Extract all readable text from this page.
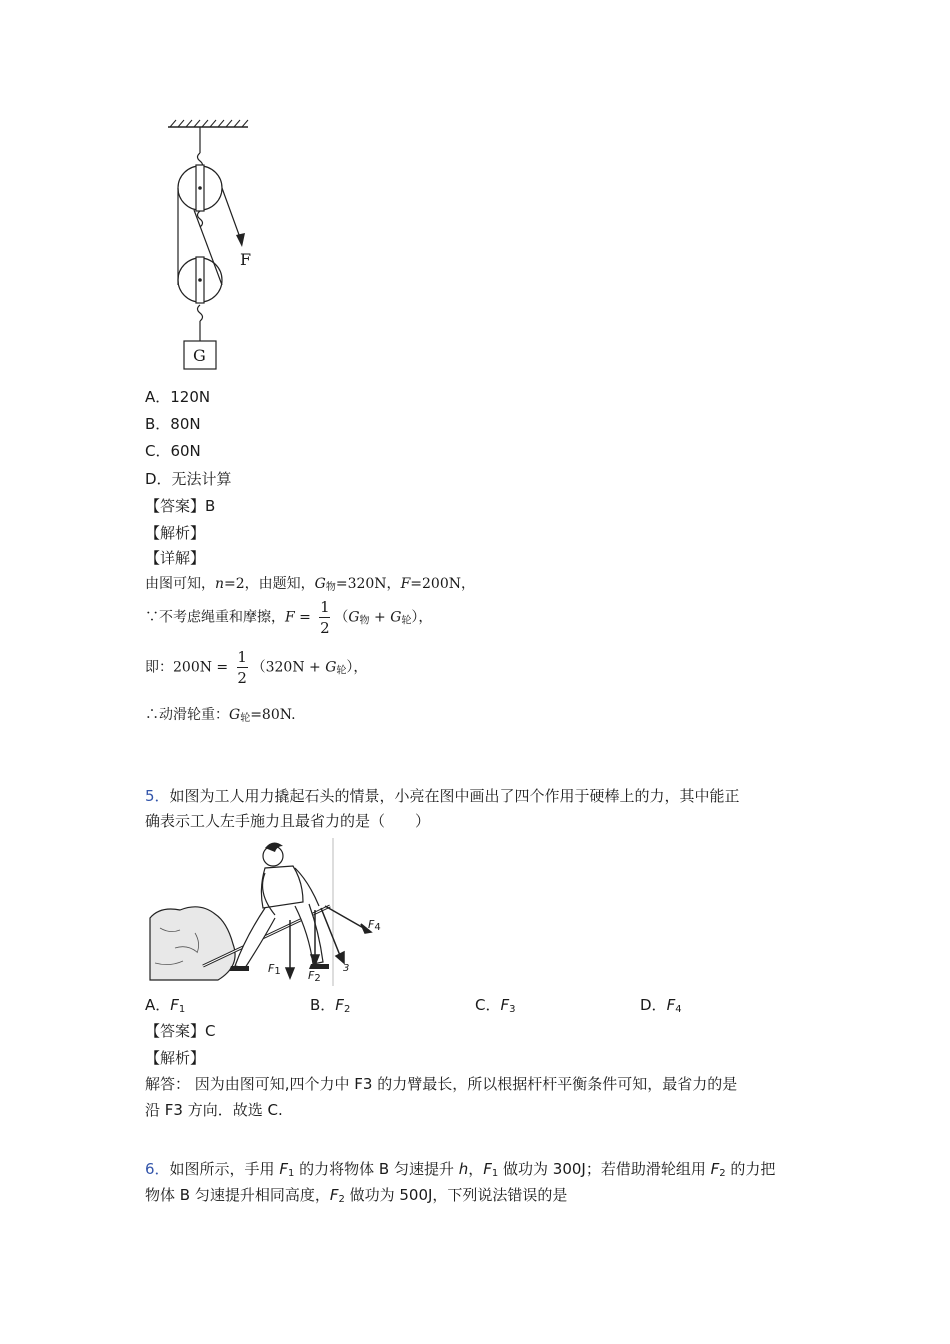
F
G
A．120N
B．80N
C．60N
D．无法计算
【答案】B
【解析】
【详解】
由图可知，n=2，由题知，$G_物=320N$，F=200N，
∵不考虑绳重和摩擦，$F = \frac{1}{2} (G_物 + G_轮)$，
即：$200N = \frac{1}{2} (320N + G_轮)$，
∴动滑轮重：$G_轮=80N$.
5．如图为工人用力撬起石头的情景，小亮在图中画出了四个作用于硬棒上的力，其中能正
确表示工人左手施力且最省力的是（　　）
$F_1$ $F_2$
3
$F_4$
A．$F_1$	B．$F_2$	C．$F_3$	D．$F_4$
【答案】C
【解析】
解答： 因为由图可知,四个力中 F3 的力臂最长，所以根据杆杆平衡条件可知，最省力的是
沿 F3 方向．故选 C.
6．如图所示，手用 $F_1$ 的力将物体 B 匀速提升 h，$F_1$ 做功为 300J；若借助滑轮组用 $F_2$ 的力把
物体 B 匀速提升相同高度，$F_2$ 做功为 500J，下列说法错误的是
